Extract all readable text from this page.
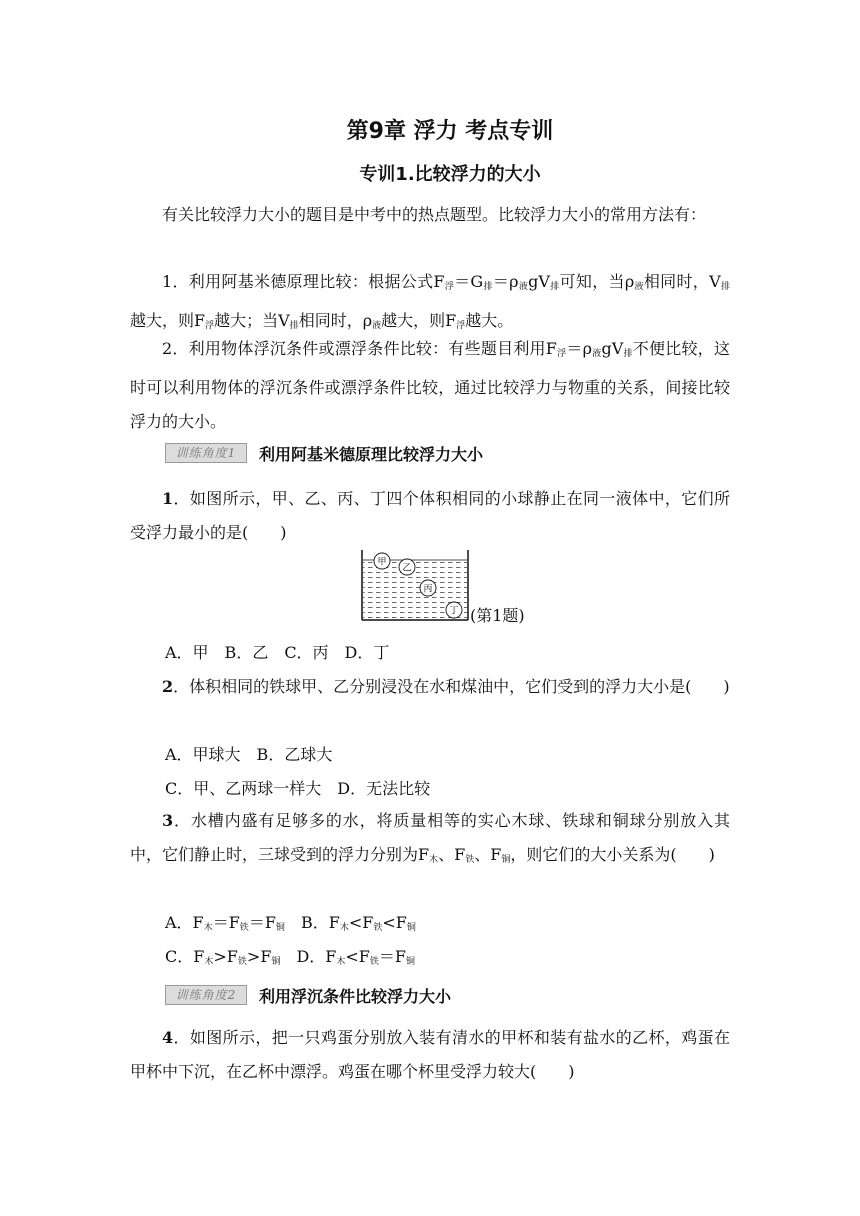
第9章 浮力 考点专训
专训1.比较浮力的大小
有关比较浮力大小的题目是中考中的热点题型。比较浮力大小的常用方法有：
1．利用阿基米德原理比较：根据公式$F_浮=G_排=\rho_液gV_排$可知，当$\rho_液$相同时，$V_排$越大，则$F_浮$越大；当$V_排$相同时，$\rho_液$越大，则$F_浮$越大。
2．利用物体浮沉条件或漂浮条件比较：有些题目利用$F_浮=\rho_液gV_排$不便比较，这时可以利用物体的浮沉条件或漂浮条件比较，通过比较浮力与物重的关系，间接比较浮力的大小。
训练角度1	利用阿基米德原理比较浮力大小
1．如图所示，甲、乙、丙、丁四个体积相同的小球静止在同一液体中，它们所受浮力最小的是(　　)
甲
乙
丙
丁 (第1题)
A．甲　B．乙　C．丙　D．丁
2．体积相同的铁球甲、乙分别浸没在水和煤油中，它们受到的浮力大小是(　　)
A．甲球大　B．乙球大
C．甲、乙两球一样大　D．无法比较
3．水槽内盛有足够多的水，将质量相等的实心木球、铁球和铜球分别放入其中，它们静止时，三球受到的浮力分别为$F_木$、$F_铁$、$F_铜$，则它们的大小关系为(　　)
A．$F_木=F_铁=F_铜$　B．$F_木<F_铁<F_铜$
C．$F_木>F_铁>F_铜$　D．$F_木<F_铁=F_铜$
训练角度2	利用浮沉条件比较浮力大小
4．如图所示，把一只鸡蛋分别放入装有清水的甲杯和装有盐水的乙杯，鸡蛋在甲杯中下沉，在乙杯中漂浮。鸡蛋在哪个杯里受浮力较大(　　)
